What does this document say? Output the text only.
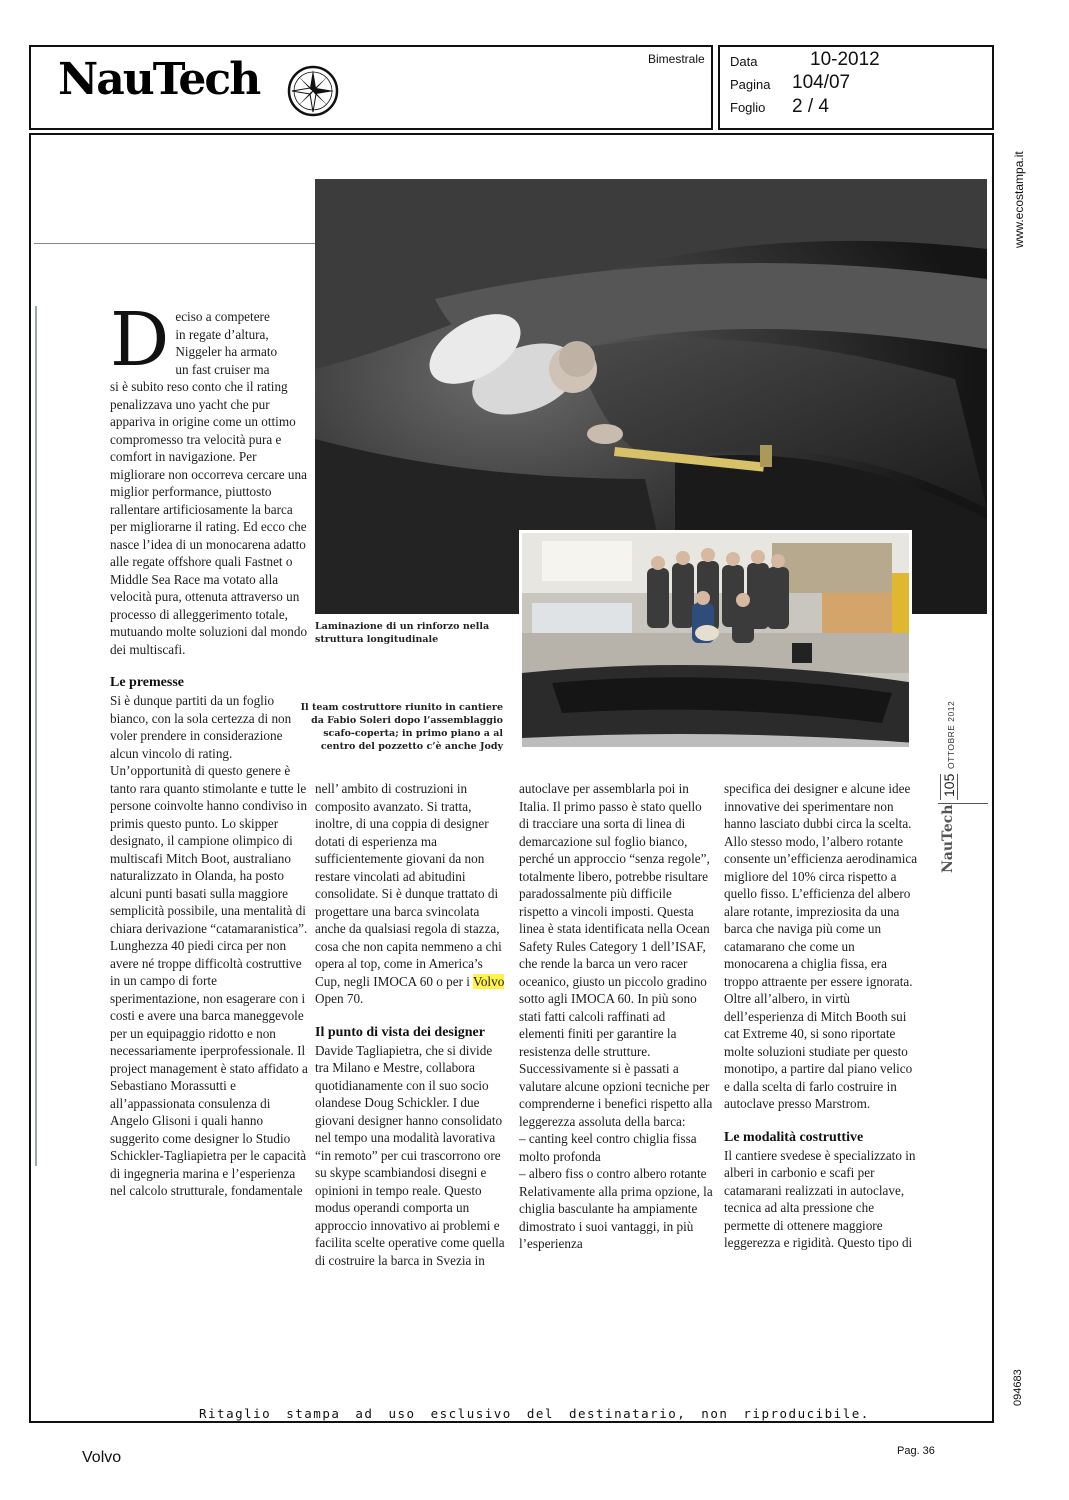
NauTech	Bimestrale Data
Pagina
Foglio
10-2012
104/07
2 / 4
www.ecostampa.it
094683
Laminazione di un rinforzo nella
struttura longitudinale
Il team costruttore riunito in cantiere
da Fabio Soleri dopo l’assemblaggio
scafo-coperta; in primo piano a al
centro del pozzetto c’è anche Jody
NauTech
105
OTTOBRE 2012
D eciso a competere
in regate d’altura,
Niggeler ha armato
un fast cruiser ma

si è subito reso conto che il rating penalizzava uno yacht che pur appariva in origine come un ottimo compromesso tra velocità pura e comfort in navigazione. Per migliorare non occorreva cercare una miglior performance, piuttosto rallentare artificiosamente la barca per migliorarne il rating. Ed ecco che nasce l’idea di un monocarena adatto alle regate offshore quali Fastnet o Middle Sea Race ma votato alla velocità pura, ottenuta attraverso un processo di alleggerimento totale, mutuando molte soluzioni dal mondo dei multiscafi.

Le premesse

Si è dunque partiti da un foglio bianco, con la sola certezza di non voler prendere in considerazione alcun vincolo di rating. Un’opportunità di questo genere è tanto rara quanto stimolante e tutte le persone coinvolte hanno condiviso in primis questo punto. Lo skipper designato, il campione olimpico di multiscafi Mitch Boot, australiano naturalizzato in Olanda, ha posto alcuni punti basati sulla maggiore semplicità possibile, una mentalità di chiara derivazione “catamaranistica”. Lunghezza 40 piedi circa per non avere né troppe difficoltà costruttive in un campo di forte sperimentazione, non esagerare con i costi e avere una barca maneggevole per un equipaggio ridotto e non necessariamente iperprofessionale. Il project management è stato affidato a Sebastiano Morassutti e all’appassionata consulenza di Angelo Glisoni i quali hanno suggerito come designer lo Studio Schickler-Tagliapietra per le capacità di ingegneria marina e l’esperienza nel calcolo strutturale, fondamentale

nell’ ambito di costruzioni in composito avanzato. Si tratta, inoltre, di una coppia di designer dotati di esperienza ma sufficientemente giovani da non restare vincolati ad abitudini consolidate. Si è dunque trattato di progettare una barca svincolata anche da qualsiasi regola di stazza, cosa che non capita nemmeno a chi opera al top, come in America’s Cup, negli IMOCA 60 o per i Volvo Open 70.

Il punto di vista dei designer

Davide Tagliapietra, che si divide tra Milano e Mestre, collabora quotidianamente con il suo socio olandese Doug Schickler. I due giovani designer hanno consolidato nel tempo una modalità lavorativa “in remoto” per cui trascorrono ore su skype scambiandosi disegni e opinioni in tempo reale. Questo modus operandi comporta un approccio innovativo ai problemi e facilita scelte operative come quella di costruire la barca in Svezia in

autoclave per assemblarla poi in Italia. Il primo passo è stato quello di tracciare una sorta di linea di demarcazione sul foglio bianco, perché un approccio “senza regole”, totalmente libero, potrebbe risultare paradossalmente più difficile rispetto a vincoli imposti. Questa linea è stata identificata nella Ocean Safety Rules Category 1 dell’ISAF, che rende la barca un vero racer oceanico, giusto un piccolo gradino sotto agli IMOCA 60. In più sono stati fatti calcoli raffinati ad elementi finiti per garantire la resistenza delle strutture. Successivamente si è passati a valutare alcune opzioni tecniche per comprenderne i benefici rispetto alla leggerezza assoluta della barca:

– canting keel contro chiglia fissa molto profonda

– albero fiss o contro albero rotante

Relativamente alla prima opzione, la chiglia basculante ha ampiamente dimostrato i suoi vantaggi, in più l’esperienza

specifica dei designer e alcune idee innovative dei sperimentare non hanno lasciato dubbi circa la scelta. Allo stesso modo, l’albero rotante consente un’efficienza aerodinamica migliore del 10% circa rispetto a quello fisso. L’efficienza del albero alare rotante, impreziosita da una barca che naviga più come un catamarano che come un monocarena a chiglia fissa, era troppo attraente per essere ignorata. Oltre all’albero, in virtù dell’esperienza di Mitch Booth sui cat Extreme 40, si sono riportate molte soluzioni studiate per questo monotipo, a partire dal piano velico e dalla scelta di farlo costruire in autoclave presso Marstrom.

Le modalità costruttive

Il cantiere svedese è specializzato in alberi in carbonio e scafi per catamarani realizzati in autoclave, tecnica ad alta pressione che permette di ottenere maggiore leggerezza e rigidità. Questo tipo di

Ritaglio stampa ad uso esclusivo del destinatario, non riproducibile.
Volvo	Pag. 36
